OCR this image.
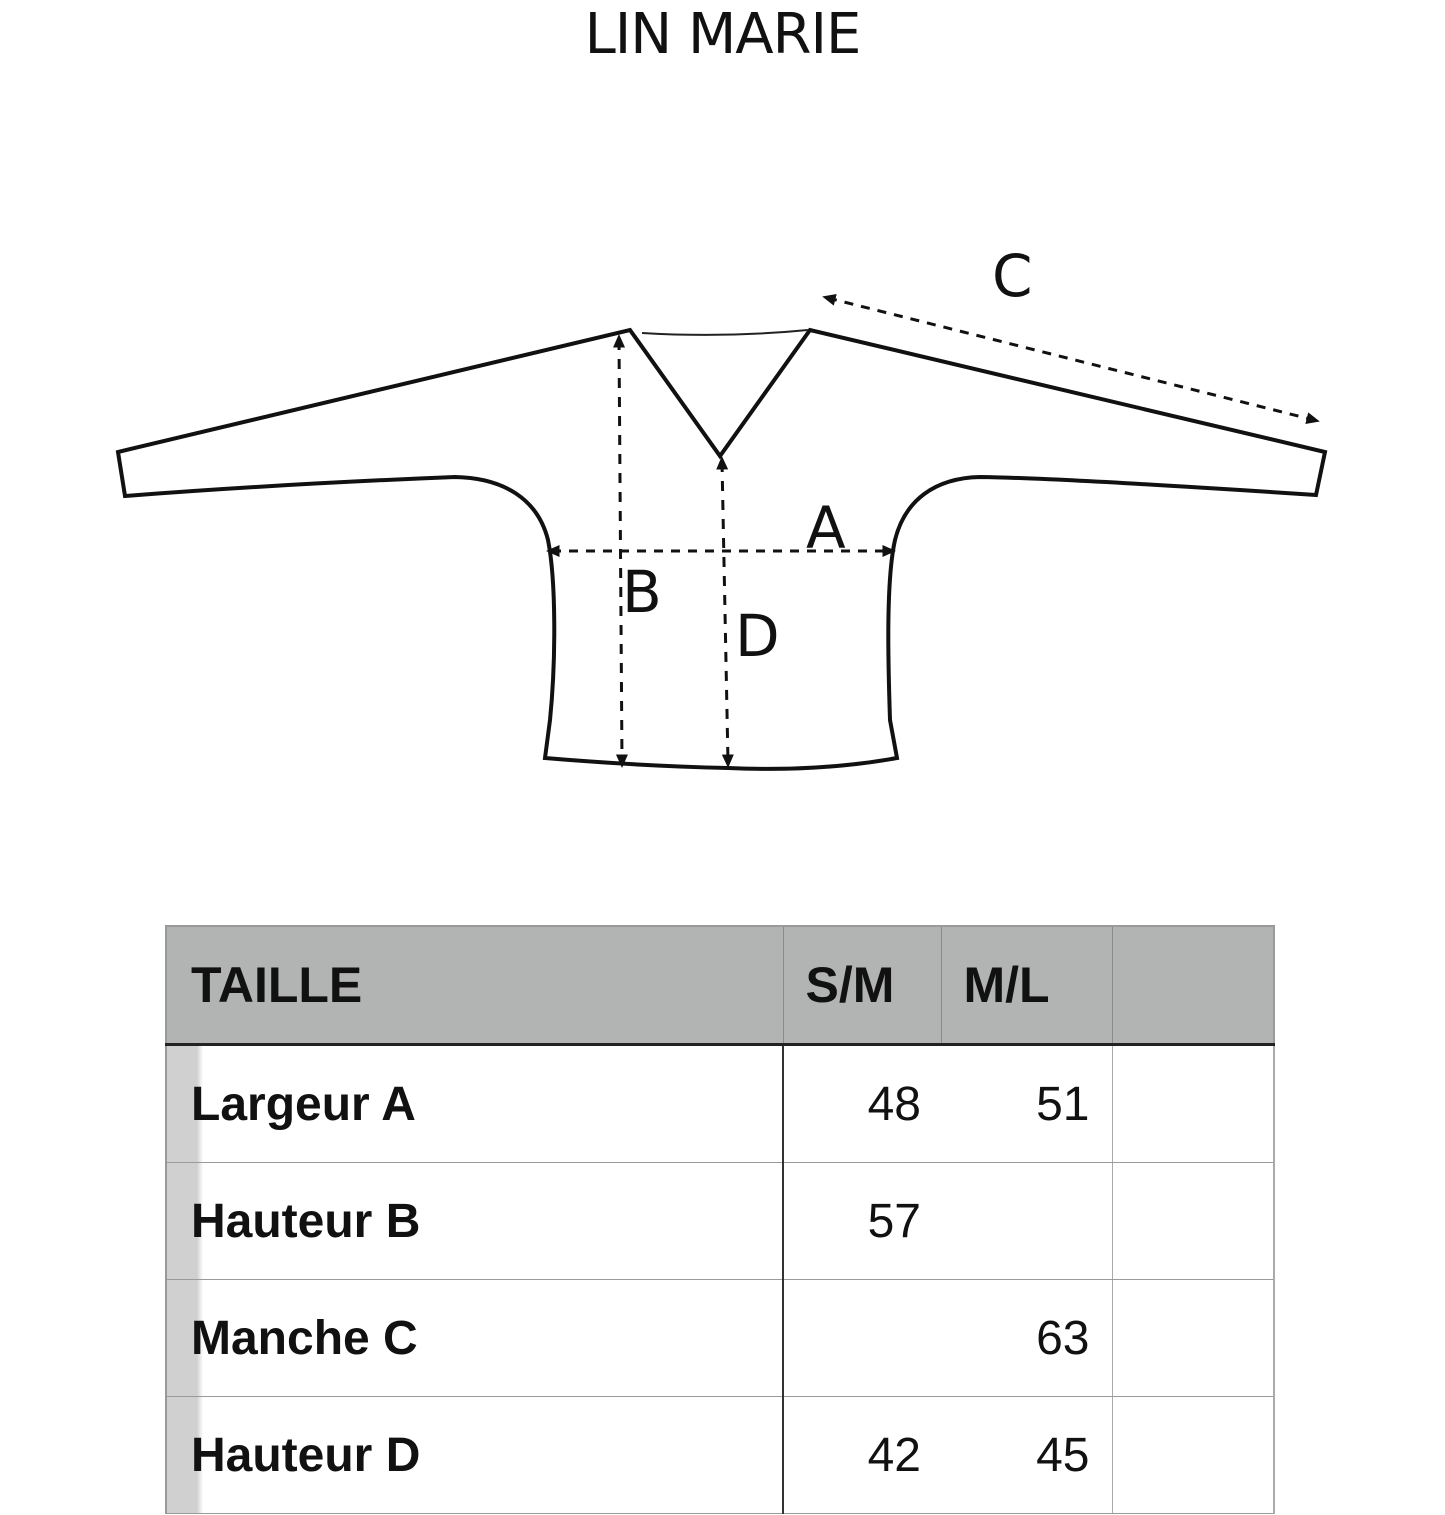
LIN MARIE
A
B
C
D
TAILLE	S/M	M/L	
Largeur A	48	51	
Hauteur B	57		
Manche C		63	
Hauteur D	42	45	
